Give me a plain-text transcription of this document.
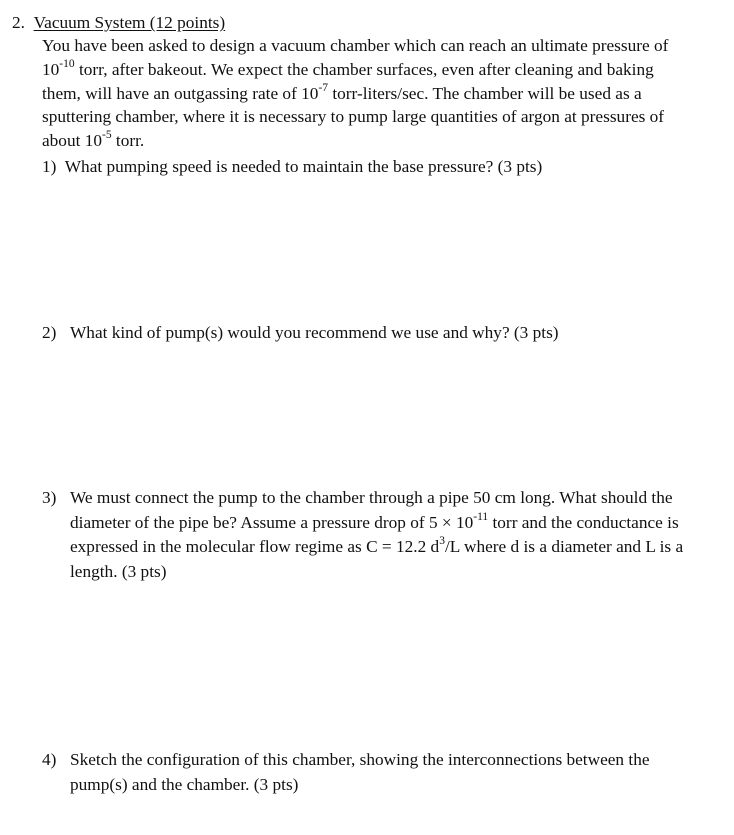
2. Vacuum System (12 points)
You have been asked to design a vacuum chamber which can reach an ultimate pressure of
$10^{-10}$ torr, after bakeout. We expect the chamber surfaces, even after cleaning and baking
them, will have an outgassing rate of $10^{-7}$ torr-liters/sec. The chamber will be used as a
sputtering chamber, where it is necessary to pump large quantities of argon at pressures of
about $10^{-5}$ torr.
1) What pumping speed is needed to maintain the base pressure? (3 pts)
2) What kind of pump(s) would you recommend we use and why? (3 pts)
3) We must connect the pump to the chamber through a pipe 50 cm long. What should the diameter of the pipe be? Assume a pressure drop of $5 \times 10^{-11}$ torr and the conductance is expressed in the molecular flow regime as C = 12.2 $d^3/L$ where d is a diameter and L is a length. (3 pts)
4) Sketch the configuration of this chamber, showing the interconnections between the pump(s) and the chamber. (3 pts)
